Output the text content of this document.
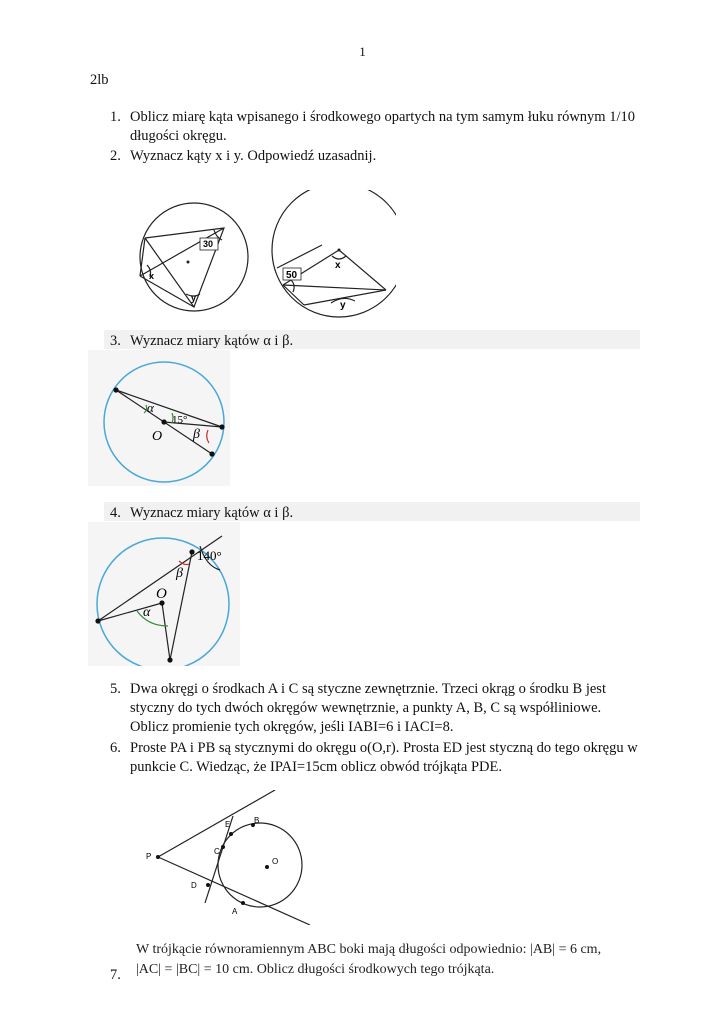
1
2lb
1. Oblicz miarę kąta wpisanego i środkowego opartych na tym samym łuku równym 1/10 długości okręgu.
2. Wyznacz kąty x i y. Odpowiedź uzasadnij.
30
x
y
50
x
y
3. Wyznacz miary kątów α i β.
α
15°
O β
4. Wyznacz miary kątów α i β.
140°
β
O
α
5. Dwa okręgi o środkach A i C są styczne zewnętrznie. Trzeci okrąg o środku B jest styczny do tych dwóch okręgów wewnętrznie, a punkty A, B, C są współliniowe. Oblicz promienie tych okręgów, jeśli IABI=6 i IACI=8.
6. Proste PA i PB są stycznymi do okręgu o(O,r). Prosta ED jest styczną do tego okręgu w punkcie C. Wiedząc, że IPAI=15cm oblicz obwód trójkąta PDE.
P
E	B
C
O
D
A
7.
W trójkącie równoramiennym ABC boki mają długości odpowiednio: |AB| = 6 cm, |AC| = |BC| = 10 cm. Oblicz długości środkowych tego trójkąta.
